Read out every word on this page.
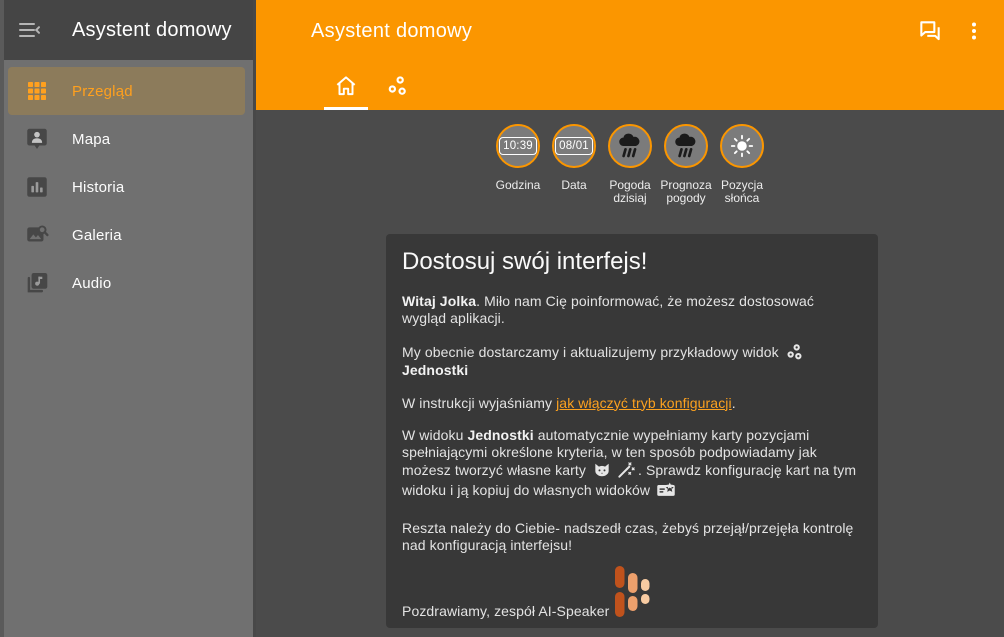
Asystent domowy
Przegląd
Mapa
Historia
Galeria
Audio
Asystent domowy
10:39
Godzina
08/01
Data	Pogoda dzisiaj
Prognoza pogody
Pozycja słońca
Dostosuj swój interfejs!

Witaj Jolka. Miło nam Cię poinformować, że możesz dostosować wygląd aplikacji.

My obecnie dostarczamy i aktualizujemy przykładowy widok

Jednostki

W instrukcji wyjaśniamy jak włączyć tryb konfiguracji.

W widoku Jednostki automatycznie wypełniamy karty pozycjami spełniającymi określone kryteria, w ten sposób podpowiadamy jak możesz tworzyć własne karty	. Sprawdz konfigurację kart na tym widoku i ją kopiuj do własnych widoków

Reszta należy do Ciebie- nadszedł czas, żebyś przejął/przejęła kontrolę nad konfiguracją interfejsu!

Pozdrawiamy, zespół AI-Speaker
